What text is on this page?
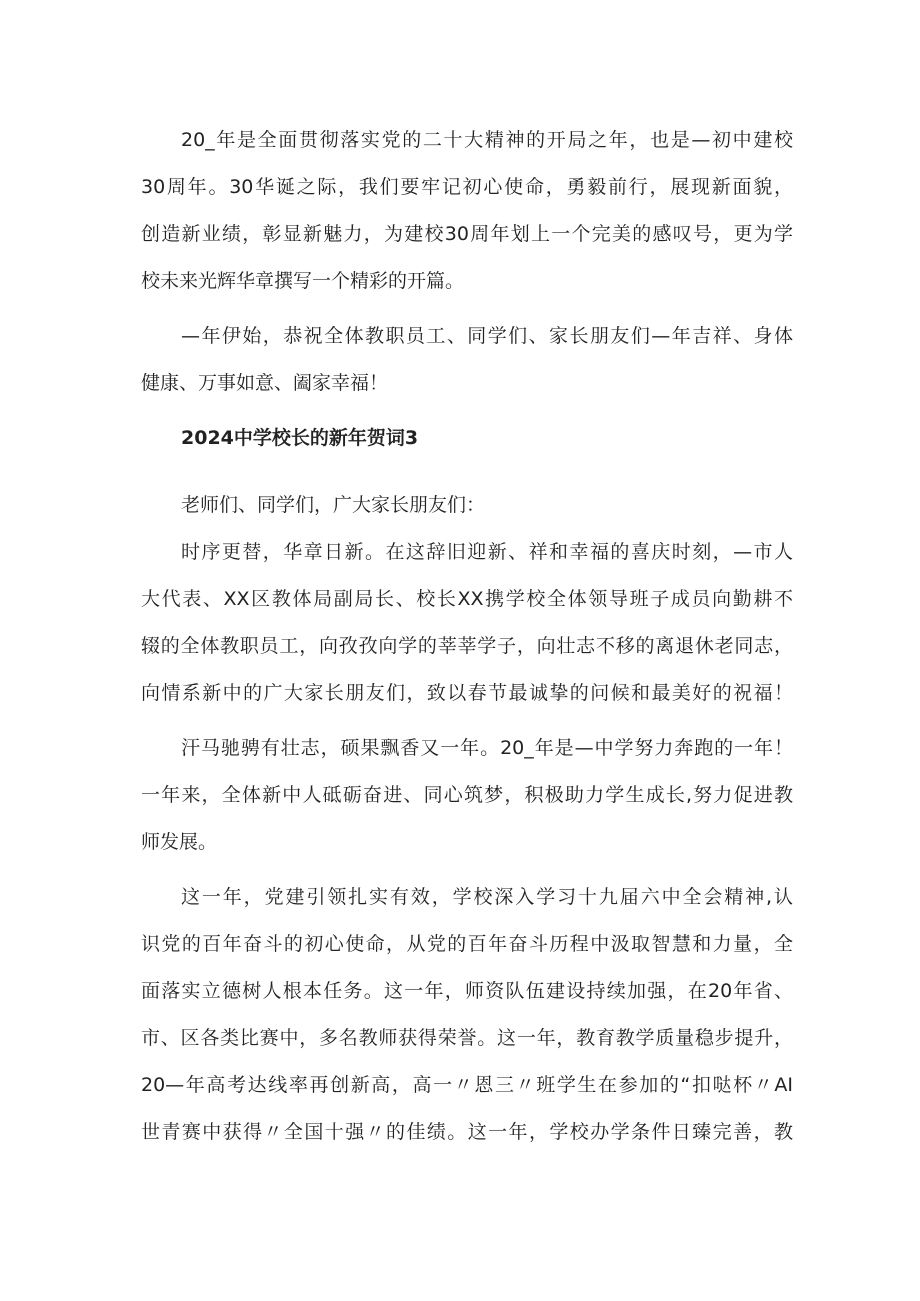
20_年是全面贯彻落实党的二十大精神的开局之年，也是—初中建校
30周年。30华诞之际，我们要牢记初心使命，勇毅前行，展现新面貌，
创造新业绩，彰显新魅力，为建校30周年划上一个完美的感叹号，更为学
校未来光辉华章撰写一个精彩的开篇。
—年伊始，恭祝全体教职员工、同学们、家长朋友们—年吉祥、身体
健康、万事如意、阖家幸福！
2024中学校长的新年贺词3
老师们、同学们，广大家长朋友们：
时序更替，华章日新。在这辞旧迎新、祥和幸福的喜庆时刻，—市人
大代表、XX区教体局副局长、校长XX携学校全体领导班子成员向勤耕不
辍的全体教职员工，向孜孜向学的莘莘学子，向壮志不移的离退休老同志，
向情系新中的广大家长朋友们，致以春节最诚挚的问候和最美好的祝福！
汗马驰骋有壮志，硕果飘香又一年。20_年是—中学努力奔跑的一年！
一年来，全体新中人砥砺奋进、同心筑梦，积极助力学生成长,努力促进教
师发展。
这一年，党建引领扎实有效，学校深入学习十九届六中全会精神,认
识党的百年奋斗的初心使命，从党的百年奋斗历程中汲取智慧和力量，全
面落实立德树人根本任务。这一年，师资队伍建设持续加强，在20年省、
市、区各类比赛中，多名教师获得荣誉。这一年，教育教学质量稳步提升，
20—年高考达线率再创新高，高一〃恩三〃班学生在参加的“扣哒杯〃AI
世青赛中获得〃全国十强〃的佳绩。这一年，学校办学条件日臻完善，教
